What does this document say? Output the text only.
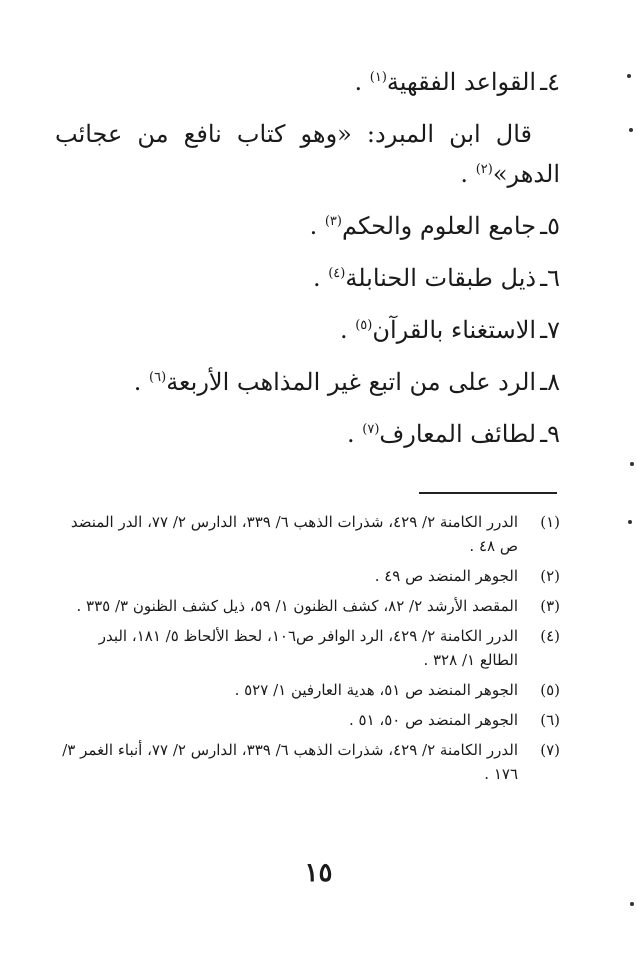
٤ـالقواعد الفقهية$^{(١)}$ .

قال ابن المبرد: «وهو كتاب نافع من عجائب

الدهر»$^{(٢)}$ .

٥ـجامع العلوم والحكم$^{(٣)}$ .
٦ـذيل طبقات الحنابلة$^{(٤)}$ .
٧ـالاستغناء بالقرآن$^{(٥)}$ .
٨ـالرد على من اتبع غير المذاهب الأربعة$^{(٦)}$ .
٩ـلطائف المعارف$^{(٧)}$ .
(١)
الدرر الكامنة ٢/ ٤٢٩، شذرات الذهب ٦/ ٣٣٩، الدارس ٢/ ٧٧، الدر المنضد ص ٤٨ .
(٢)
الجوهر المنضد ص ٤٩ .
(٣)
المقصد الأرشد ٢/ ٨٢، كشف الظنون ١/ ٥٩، ذيل كشف الظنون ٣/ ٣٣٥ .
(٤)
الدرر الكامنة ٢/ ٤٢٩، الرد الوافر ص١٠٦، لحظ الألحاظ ٥/ ١٨١، البدر الطالع ١/ ٣٢٨ .
(٥)
الجوهر المنضد ص ٥١، هدية العارفين ١/ ٥٢٧ .
(٦)
الجوهر المنضد ص ٥٠، ٥١ .
(٧)
الدرر الكامنة ٢/ ٤٢٩، شذرات الذهب ٦/ ٣٣٩، الدارس ٢/ ٧٧، أنباء الغمر ٣/ ١٧٦ .
١٥
